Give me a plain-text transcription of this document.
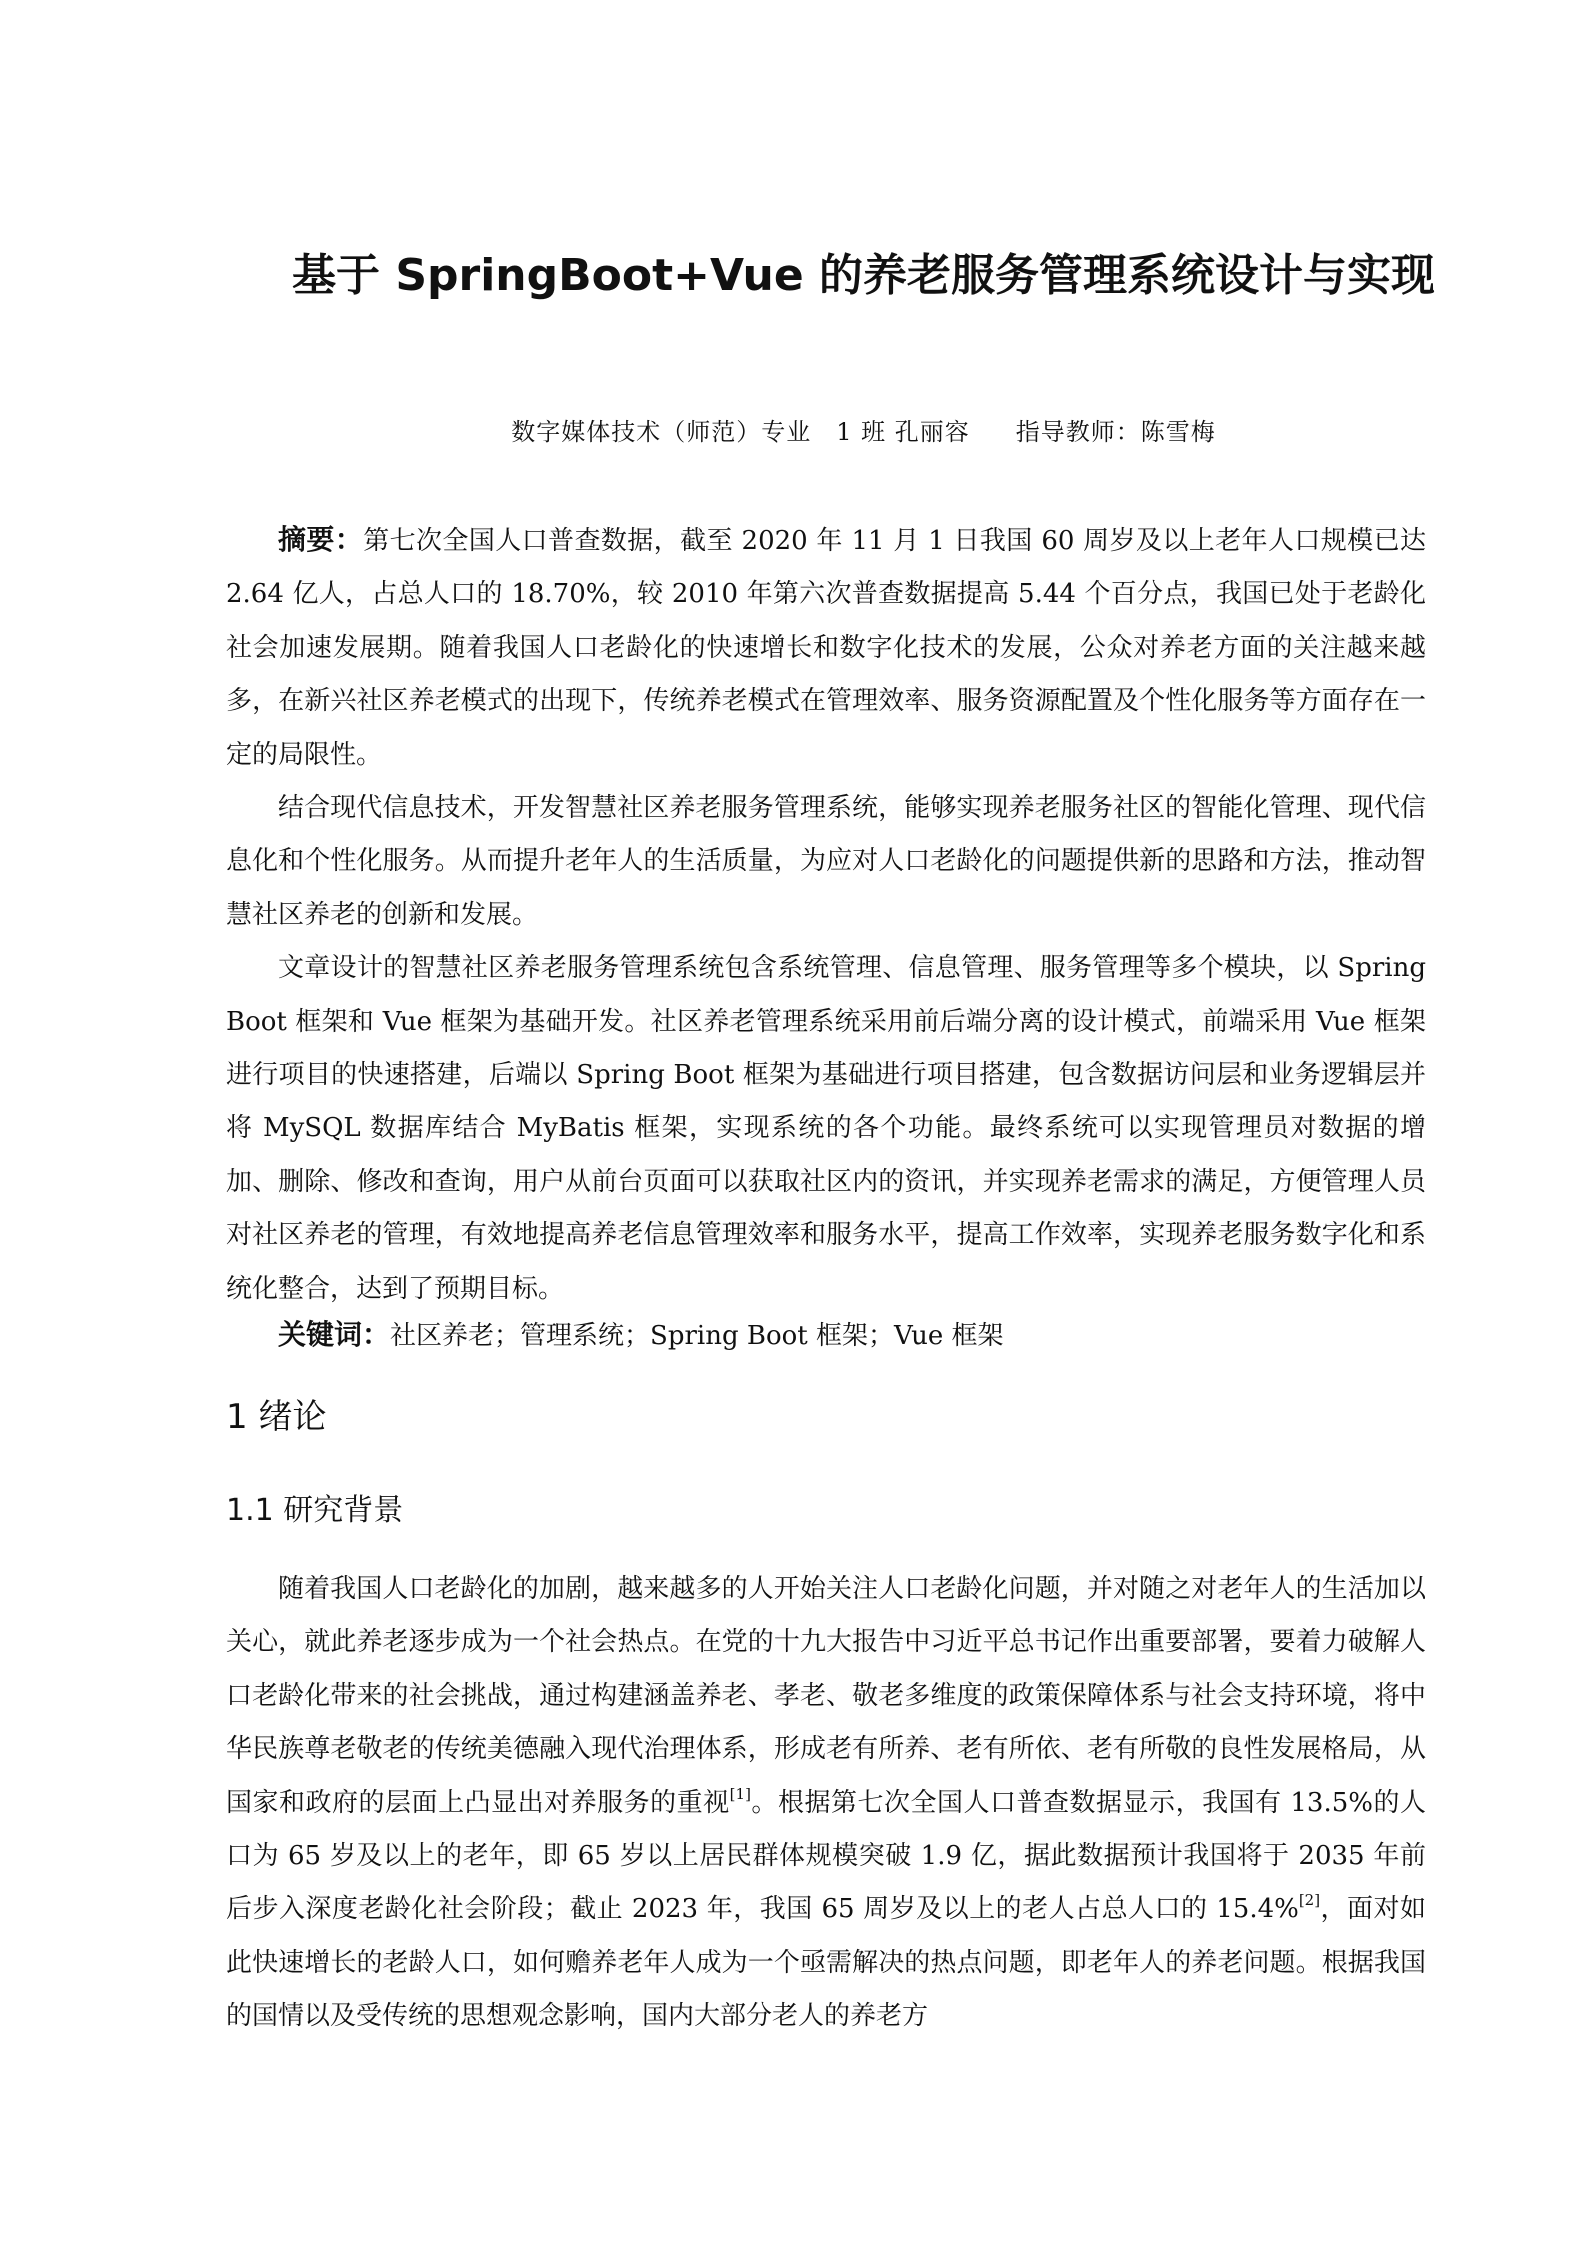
基于 SpringBoot+Vue 的养老服务管理系统设计与实现
数字媒体技术（师范）专业　1 班 孔丽容 指导教师：陈雪梅

摘要：第七次全国人口普查数据，截至 2020 年 11 月 1 日我国 60 周岁及以上老年人口规模已达 2.64 亿人，占总人口的 18.70%，较 2010 年第六次普查数据提高 5.44 个百分点，我国已处于老龄化社会加速发展期。随着我国人口老龄化的快速增长和数字化技术的发展，公众对养老方面的关注越来越多，在新兴社区养老模式的出现下，传统养老模式在管理效率、服务资源配置及个性化服务等方面存在一定的局限性。

结合现代信息技术，开发智慧社区养老服务管理系统，能够实现养老服务社区的智能化管理、现代信息化和个性化服务。从而提升老年人的生活质量，为应对人口老龄化的问题提供新的思路和方法，推动智慧社区养老的创新和发展。

文章设计的智慧社区养老服务管理系统包含系统管理、信息管理、服务管理等多个模块，以 Spring Boot 框架和 Vue 框架为基础开发。社区养老管理系统采用前后端分离的设计模式，前端采用 Vue 框架进行项目的快速搭建，后端以 Spring Boot 框架为基础进行项目搭建，包含数据访问层和业务逻辑层并将 MySQL 数据库结合 MyBatis 框架，实现系统的各个功能。最终系统可以实现管理员对数据的增加、删除、修改和查询，用户从前台页面可以获取社区内的资讯，并实现养老需求的满足，方便管理人员对社区养老的管理，有效地提高养老信息管理效率和服务水平，提高工作效率，实现养老服务数字化和系统化整合，达到了预期目标。

关键词：社区养老；管理系统；Spring Boot 框架；Vue 框架
1 绪论
1.1 研究背景

随着我国人口老龄化的加剧，越来越多的人开始关注人口老龄化问题，并对随之对老年人的生活加以关心，就此养老逐步成为一个社会热点。在党的十九大报告中习近平总书记作出重要部署，要着力破解人口老龄化带来的社会挑战，通过构建涵盖养老、孝老、敬老多维度的政策保障体系与社会支持环境，将中华民族尊老敬老的传统美德融入现代治理体系，形成老有所养、老有所依、老有所敬的良性发展格局，从国家和政府的层面上凸显出对养服务的重视[1]。根据第七次全国人口普查数据显示，我国有 13.5%的人口为 65 岁及以上的老年，即 65 岁以上居民群体规模突破 1.9 亿，据此数据预计我国将于 2035 年前后步入深度老龄化社会阶段；截止 2023 年，我国 65 周岁及以上的老人占总人口的 15.4%[2]，面对如此快速增长的老龄人口，如何赡养老年人成为一个亟需解决的热点问题，即老年人的养老问题。根据我国的国情以及受传统的思想观念影响，国内大部分老人的养老方
